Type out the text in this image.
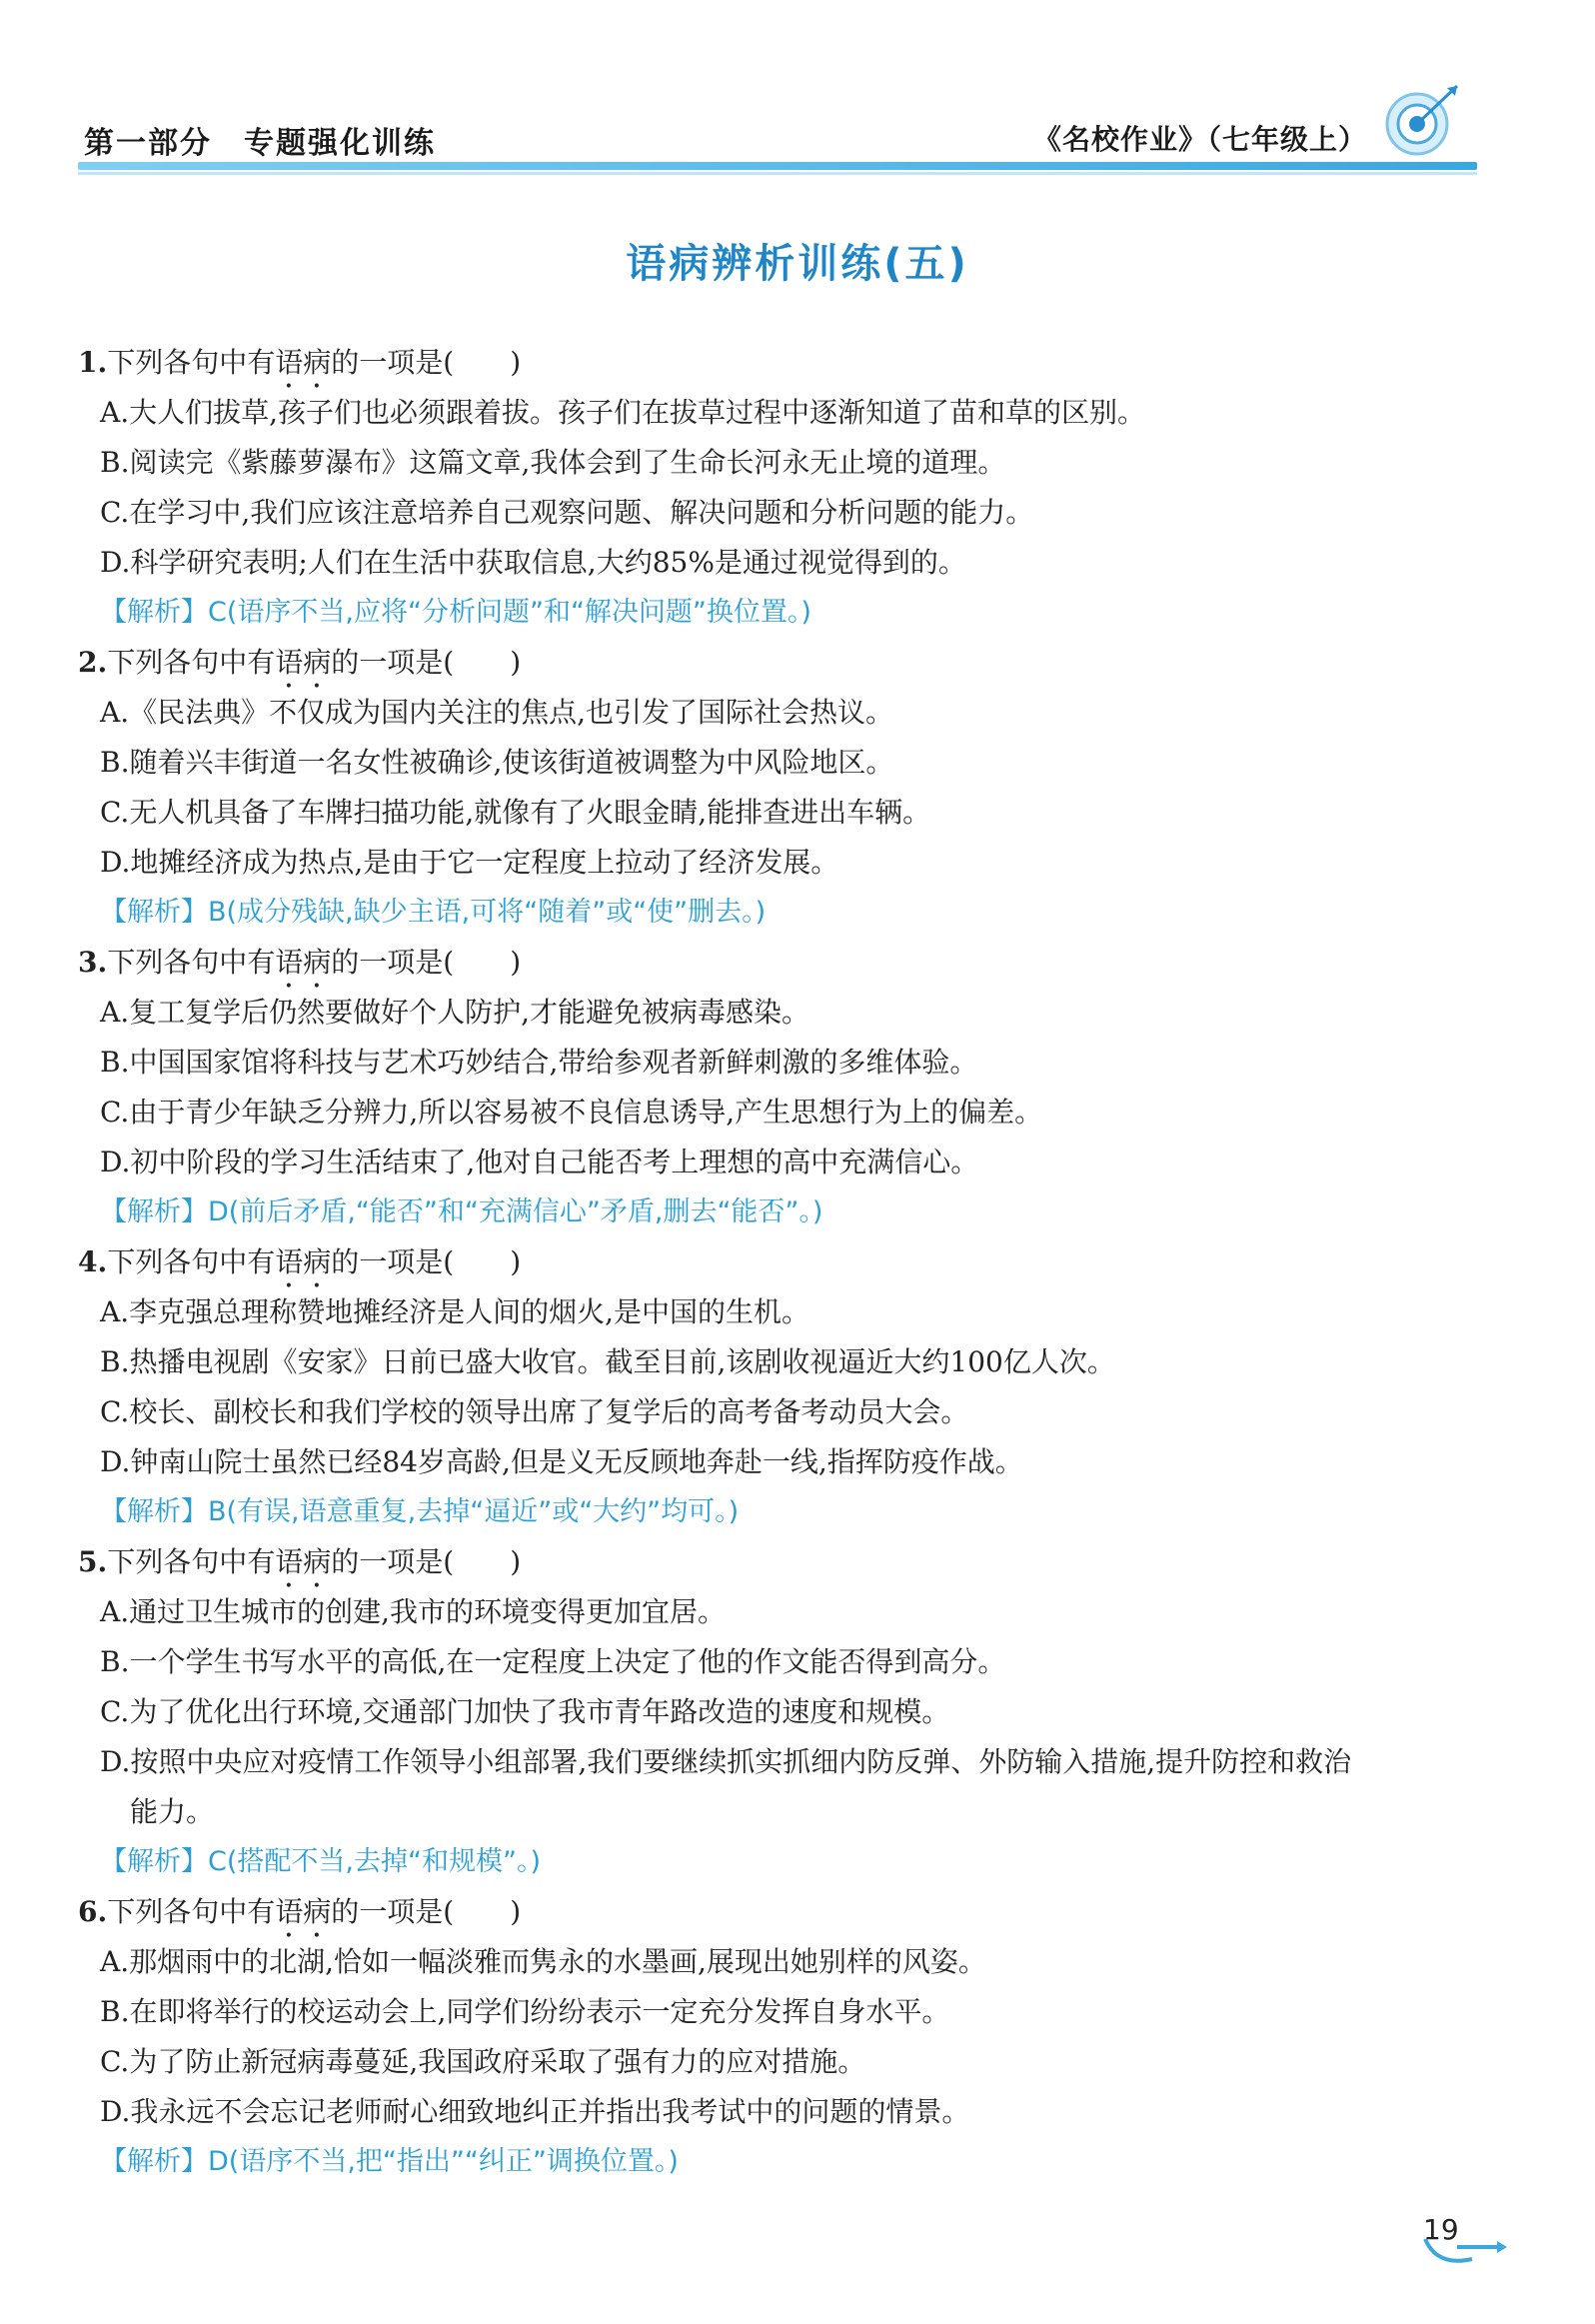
第一部分　专题强化训练	《名校作业》（七年级上）
语病辨析训练(五)
1.下列各句中有语病的一项是(　　)
A.大人们拔草,孩子们也必须跟着拔。孩子们在拔草过程中逐渐知道了苗和草的区别。
B.阅读完《紫藤萝瀑布》这篇文章,我体会到了生命长河永无止境的道理。
C.在学习中,我们应该注意培养自己观察问题、解决问题和分析问题的能力。
D.科学研究表明;人们在生活中获取信息,大约85%是通过视觉得到的。
【解析】C(语序不当,应将“分析问题”和“解决问题”换位置。)
2.下列各句中有语病的一项是(　　)
A.《民法典》不仅成为国内关注的焦点,也引发了国际社会热议。
B.随着兴丰街道一名女性被确诊,使该街道被调整为中风险地区。
C.无人机具备了车牌扫描功能,就像有了火眼金睛,能排查进出车辆。
D.地摊经济成为热点,是由于它一定程度上拉动了经济发展。
【解析】B(成分残缺,缺少主语,可将“随着”或“使”删去。)
3.下列各句中有语病的一项是(　　)
A.复工复学后仍然要做好个人防护,才能避免被病毒感染。
B.中国国家馆将科技与艺术巧妙结合,带给参观者新鲜刺激的多维体验。
C.由于青少年缺乏分辨力,所以容易被不良信息诱导,产生思想行为上的偏差。
D.初中阶段的学习生活结束了,他对自己能否考上理想的高中充满信心。
【解析】D(前后矛盾,“能否”和“充满信心”矛盾,删去“能否”。)
4.下列各句中有语病的一项是(　　)
A.李克强总理称赞地摊经济是人间的烟火,是中国的生机。
B.热播电视剧《安家》日前已盛大收官。截至目前,该剧收视逼近大约100亿人次。
C.校长、副校长和我们学校的领导出席了复学后的高考备考动员大会。
D.钟南山院士虽然已经84岁高龄,但是义无反顾地奔赴一线,指挥防疫作战。
【解析】B(有误,语意重复,去掉“逼近”或“大约”均可。)
5.下列各句中有语病的一项是(　　)
A.通过卫生城市的创建,我市的环境变得更加宜居。
B.一个学生书写水平的高低,在一定程度上决定了他的作文能否得到高分。
C.为了优化出行环境,交通部门加快了我市青年路改造的速度和规模。
D.按照中央应对疫情工作领导小组部署,我们要继续抓实抓细内防反弹、外防输入措施,提升防控和救治
能力。
【解析】C(搭配不当,去掉“和规模”。)
6.下列各句中有语病的一项是(　　)
A.那烟雨中的北湖,恰如一幅淡雅而隽永的水墨画,展现出她别样的风姿。
B.在即将举行的校运动会上,同学们纷纷表示一定充分发挥自身水平。
C.为了防止新冠病毒蔓延,我国政府采取了强有力的应对措施。
D.我永远不会忘记老师耐心细致地纠正并指出我考试中的问题的情景。
【解析】D(语序不当,把“指出”“纠正”调换位置。)
19
